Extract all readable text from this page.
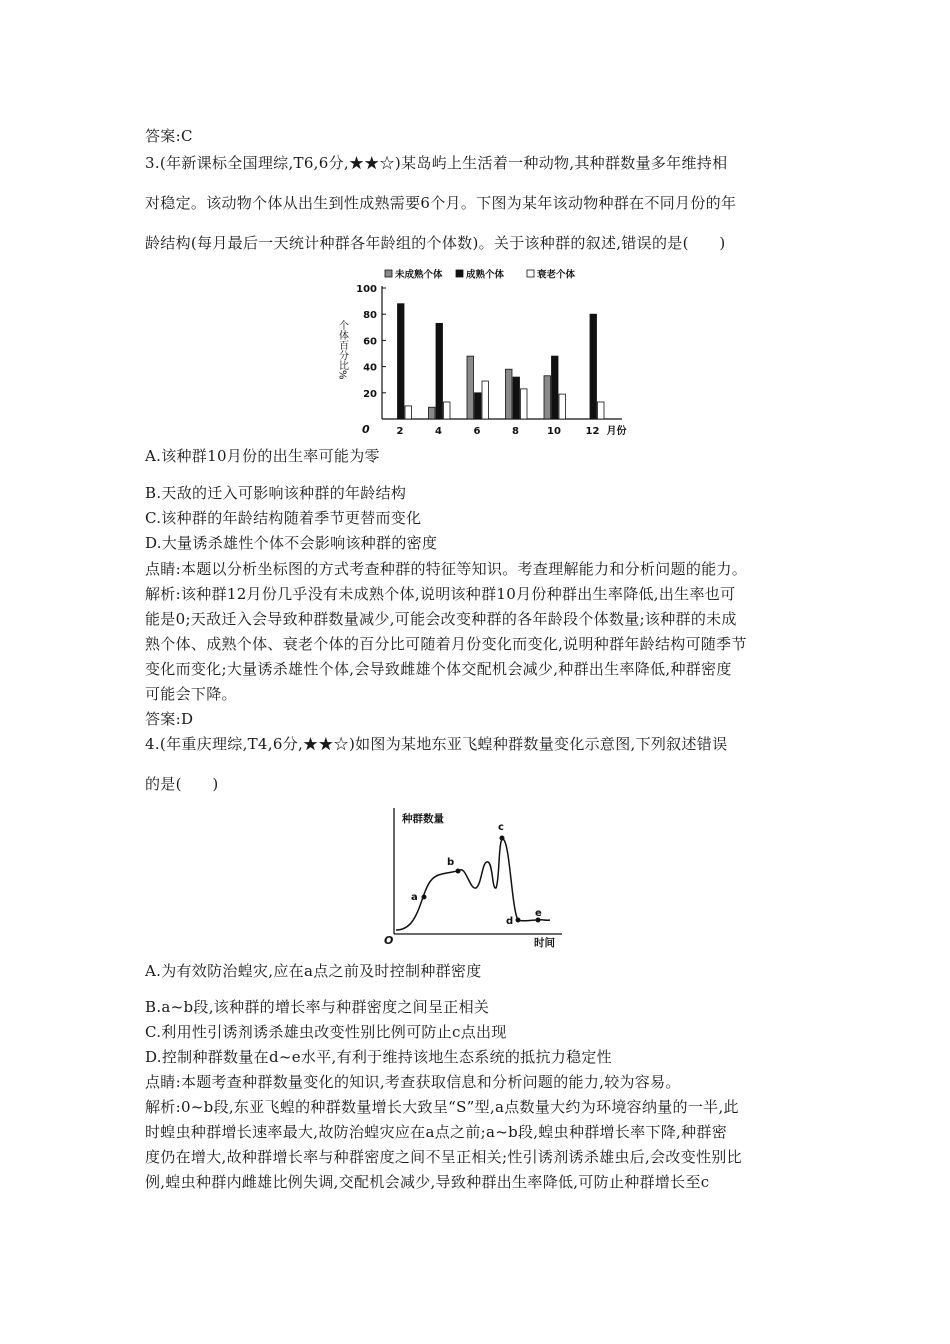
答案:C
3.(年新课标全国理综,T6,6分,★★☆)某岛屿上生活着一种动物,其种群数量多年维持相
对稳定。该动物个体从出生到性成熟需要6个月。下图为某年该动物种群在不同月份的年
龄结构(每月最后一天统计种群各年龄组的个体数)。关于该种群的叙述,错误的是(　　)
0
20
40
60
80
100
个体百分比%
2	4	6	8	10 12 月份
未成熟个体 成熟个体	衰老个体
A.该种群10月份的出生率可能为零
B.天敌的迁入可影响该种群的年龄结构
C.该种群的年龄结构随着季节更替而变化
D.大量诱杀雄性个体不会影响该种群的密度
点睛:本题以分析坐标图的方式考查种群的特征等知识。考查理解能力和分析问题的能力。
解析:该种群12月份几乎没有未成熟个体,说明该种群10月份种群出生率降低,出生率也可
能是0;天敌迁入会导致种群数量减少,可能会改变种群的各年龄段个体数量;该种群的未成
熟个体、成熟个体、衰老个体的百分比可随着月份变化而变化,说明种群年龄结构可随季节
变化而变化;大量诱杀雄性个体,会导致雌雄个体交配机会减少,种群出生率降低,种群密度
可能会下降。
答案:D
4.(年重庆理综,T4,6分,★★☆)如图为某地东亚飞蝗种群数量变化示意图,下列叙述错误
的是(　　)
种群数量
时间
O
a
b
c
d
e
A.为有效防治蝗灾,应在a点之前及时控制种群密度
B.a~b段,该种群的增长率与种群密度之间呈正相关
C.利用性引诱剂诱杀雄虫改变性别比例可防止c点出现
D.控制种群数量在d~e水平,有利于维持该地生态系统的抵抗力稳定性
点睛:本题考查种群数量变化的知识,考查获取信息和分析问题的能力,较为容易。
解析:0~b段,东亚飞蝗的种群数量增长大致呈“S”型,a点数量大约为环境容纳量的一半,此
时蝗虫种群增长速率最大,故防治蝗灾应在a点之前;a~b段,蝗虫种群增长率下降,种群密
度仍在增大,故种群增长率与种群密度之间不呈正相关;性引诱剂诱杀雄虫后,会改变性别比
例,蝗虫种群内雌雄比例失调,交配机会减少,导致种群出生率降低,可防止种群增长至c
